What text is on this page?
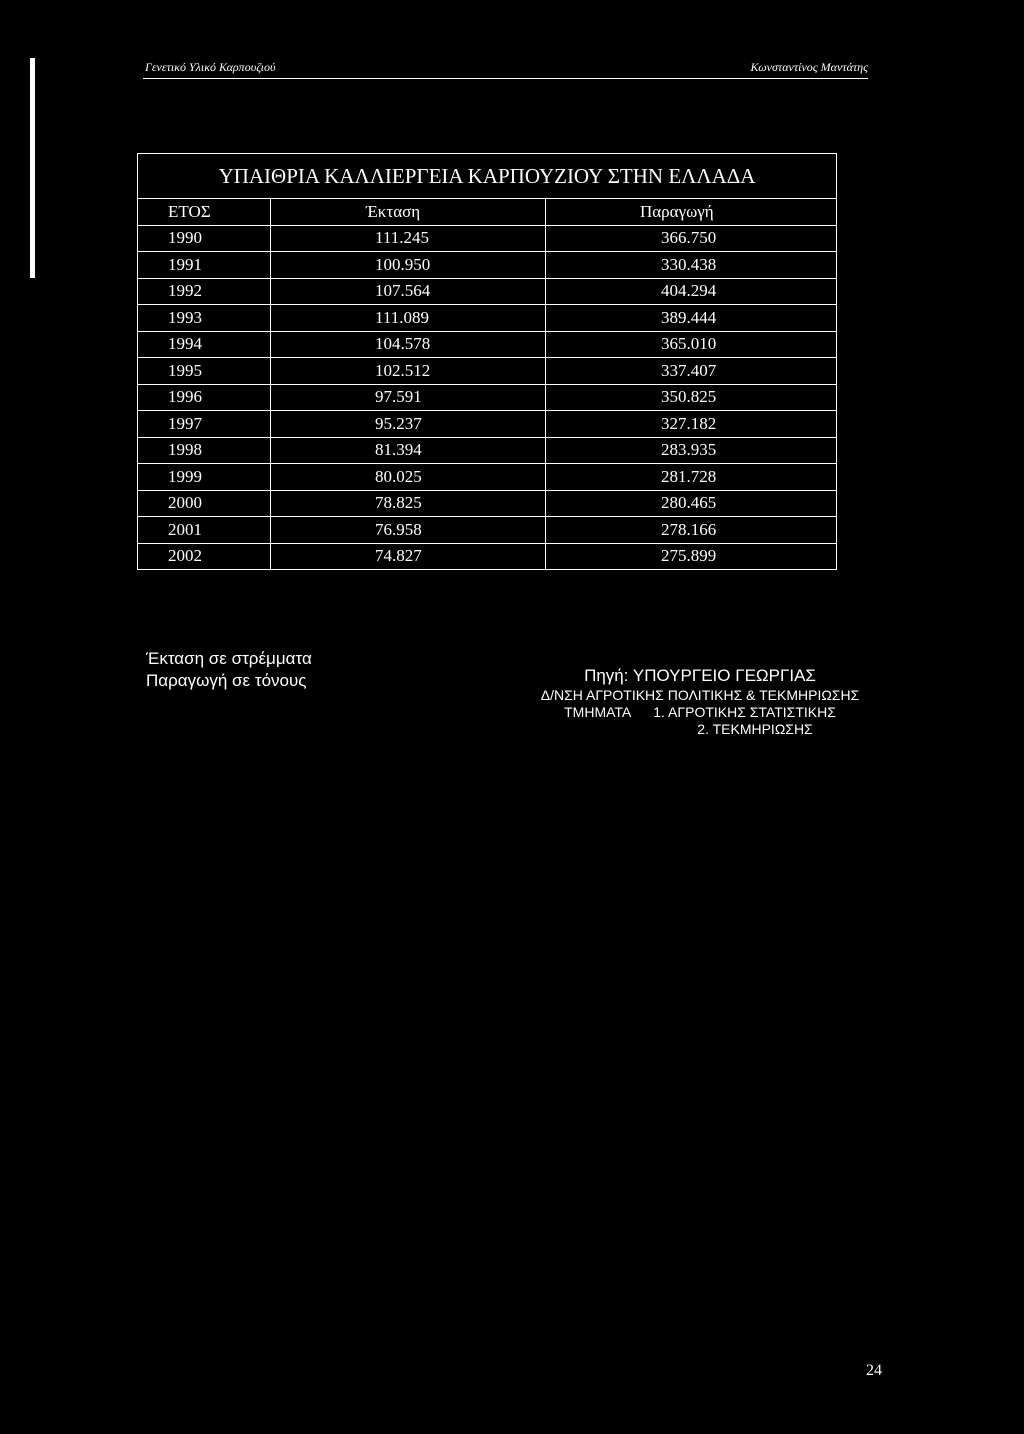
Γενετικό Υλικό Καρπουζιού	Κωνσταντίνος Μαντάτης
ΥΠΑΙΘΡΙΑ ΚΑΛΛΙΕΡΓΕΙΑ ΚΑΡΠΟΥΖΙΟΥ ΣΤΗΝ ΕΛΛΑΔΑ		
ΕΤΟΣ	Έκταση	Παραγωγή
1990	111.245	366.750
1991	100.950	330.438
1992	107.564	404.294
1993	111.089	389.444
1994	104.578	365.010
1995	102.512	337.407
1996	97.591	350.825
1997	95.237	327.182
1998	81.394	283.935
1999	80.025	281.728
2000	78.825	280.465
2001	76.958	278.166
2002	74.827	275.899
Έκταση σε στρέμματα
Παραγωγή σε τόνους	Πηγή: ΥΠΟΥΡΓΕΙΟ ΓΕΩΡΓΙΑΣ
Δ/ΝΣΗ ΑΓΡΟΤΙΚΗΣ ΠΟΛΙΤΙΚΗΣ & ΤΕΚΜΗΡΙΩΣΗΣ
ΤΜΗΜΑΤΑ 1. ΑΓΡΟΤΙΚΗΣ ΣΤΑΤΙΣΤΙΚΗΣ
2. ΤΕΚΜΗΡΙΩΣΗΣ
24
